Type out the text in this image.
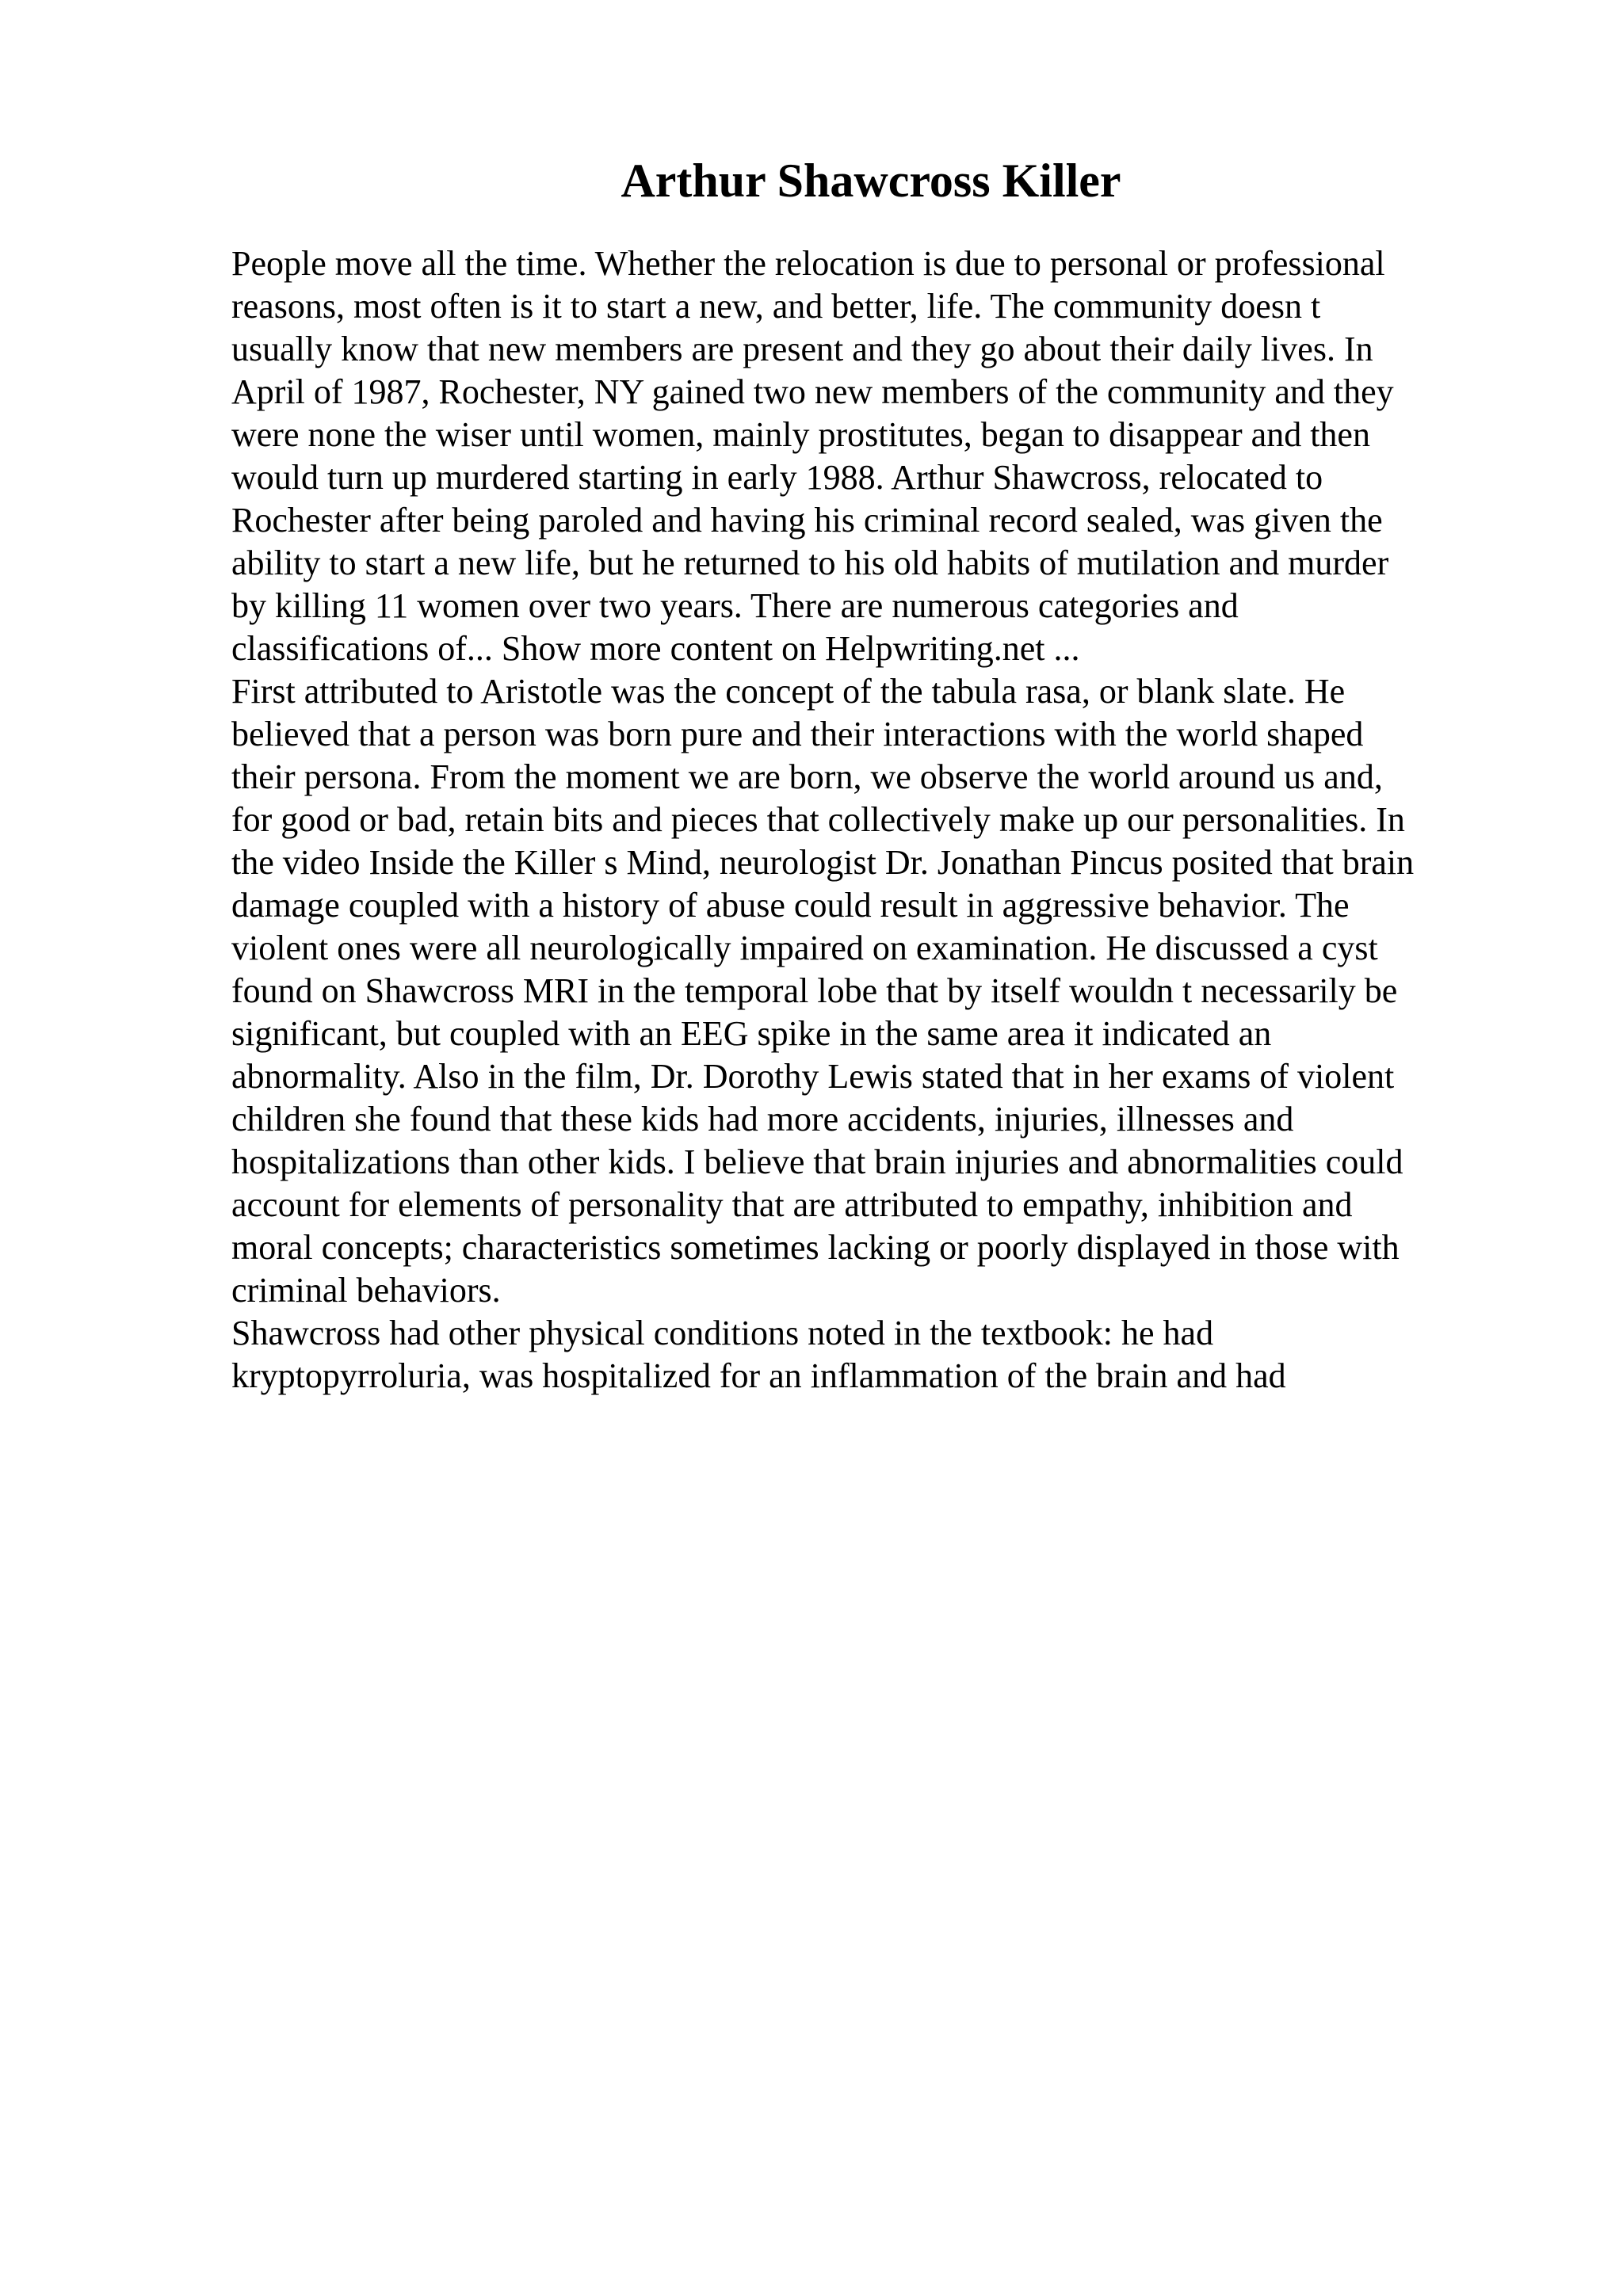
Arthur Shawcross Killer
People move all the time. Whether the relocation is due to personal or professional
reasons, most often is it to start a new, and better, life. The community doesn t
usually know that new members are present and they go about their daily lives. In
April of 1987, Rochester, NY gained two new members of the community and they
were none the wiser until women, mainly prostitutes, began to disappear and then
would turn up murdered starting in early 1988. Arthur Shawcross, relocated to
Rochester after being paroled and having his criminal record sealed, was given the
ability to start a new life, but he returned to his old habits of mutilation and murder
by killing 11 women over two years. There are numerous categories and
classifications of... Show more content on Helpwriting.net ...
First attributed to Aristotle was the concept of the tabula rasa, or blank slate. He
believed that a person was born pure and their interactions with the world shaped
their persona. From the moment we are born, we observe the world around us and,
for good or bad, retain bits and pieces that collectively make up our personalities. In
the video Inside the Killer s Mind, neurologist Dr. Jonathan Pincus posited that brain
damage coupled with a history of abuse could result in aggressive behavior. The
violent ones were all neurologically impaired on examination. He discussed a cyst
found on Shawcross MRI in the temporal lobe that by itself wouldn t necessarily be
significant, but coupled with an EEG spike in the same area it indicated an
abnormality. Also in the film, Dr. Dorothy Lewis stated that in her exams of violent
children she found that these kids had more accidents, injuries, illnesses and
hospitalizations than other kids. I believe that brain injuries and abnormalities could
account for elements of personality that are attributed to empathy, inhibition and
moral concepts; characteristics sometimes lacking or poorly displayed in those with
criminal behaviors.
Shawcross had other physical conditions noted in the textbook: he had
kryptopyrroluria, was hospitalized for an inflammation of the brain and had
